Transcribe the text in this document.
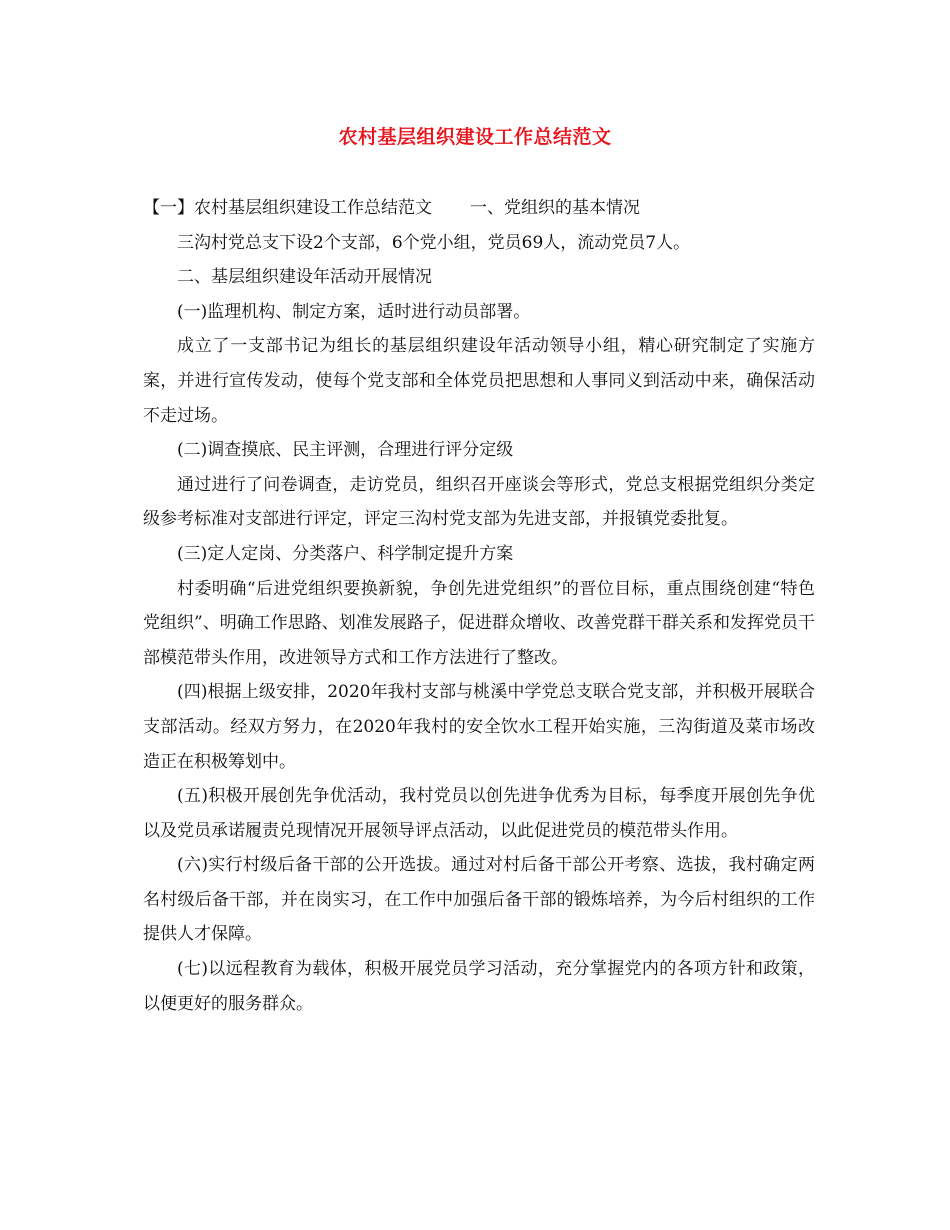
农村基层组织建设工作总结范文

【一】农村基层组织建设工作总结范文 一、党组织的基本情况

三沟村党总支下设2个支部，6个党小组，党员69人，流动党员7人。

二、基层组织建设年活动开展情况

(一)监理机构、制定方案，适时进行动员部署。

成立了一支部书记为组长的基层组织建设年活动领导小组，精心研究制定了实施方案，并进行宣传发动，使每个党支部和全体党员把思想和人事同义到活动中来，确保活动不走过场。

(二)调查摸底、民主评测，合理进行评分定级

通过进行了问卷调查，走访党员，组织召开座谈会等形式，党总支根据党组织分类定级参考标准对支部进行评定，评定三沟村党支部为先进支部，并报镇党委批复。

(三)定人定岗、分类落户、科学制定提升方案

村委明确“后进党组织要换新貌，争创先进党组织”的晋位目标，重点围绕创建“特色党组织”、明确工作思路、划准发展路子，促进群众增收、改善党群干群关系和发挥党员干部模范带头作用，改进领导方式和工作方法进行了整改。

(四)根据上级安排，2020年我村支部与桃溪中学党总支联合党支部，并积极开展联合支部活动。经双方努力，在2020年我村的安全饮水工程开始实施，三沟街道及菜市场改造正在积极筹划中。

(五)积极开展创先争优活动，我村党员以创先进争优秀为目标，每季度开展创先争优以及党员承诺履责兑现情况开展领导评点活动，以此促进党员的模范带头作用。

(六)实行村级后备干部的公开选拔。通过对村后备干部公开考察、选拔，我村确定两名村级后备干部，并在岗实习，在工作中加强后备干部的锻炼培养，为今后村组织的工作提供人才保障。

(七)以远程教育为载体，积极开展党员学习活动，充分掌握党内的各项方针和政策，以便更好的服务群众。
